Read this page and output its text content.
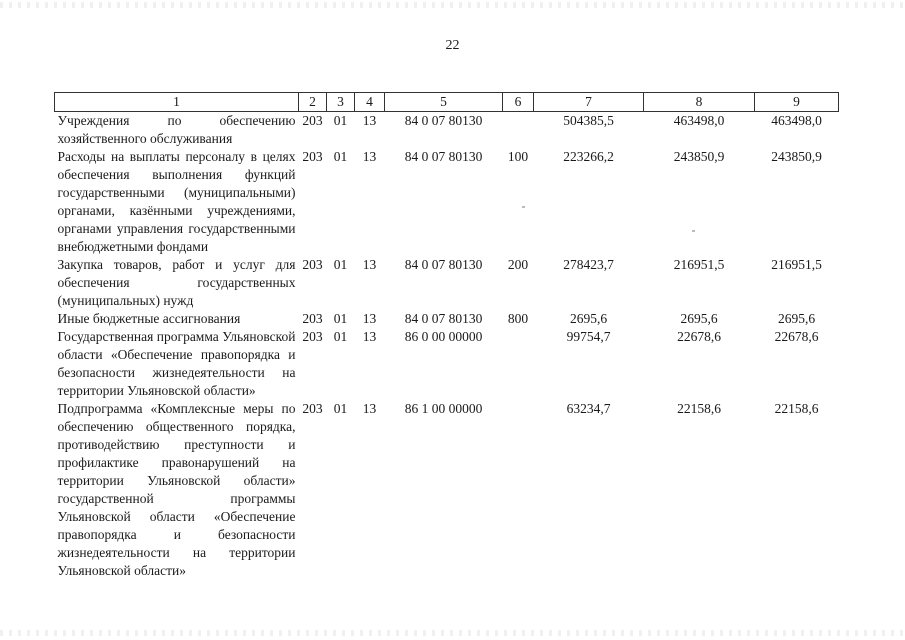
22
1	2	3	4	5	6	7	8	9
Учреждения по обеспечению хозяйственного обслуживания	203	01	13	84 0 07 80130		504385,5	463498,0	463498,0
Расходы на выплаты персоналу в целях обеспечения выполнения функций государственными (муниципальными) органами, казёнными учреждениями, органами управления государственными внебюджетными фондами	203	01	13	84 0 07 80130	100	223266,2	243850,9	243850,9
Закупка товаров, работ и услуг для обеспечения государственных (муниципальных) нужд	203	01	13	84 0 07 80130	200	278423,7	216951,5	216951,5
Иные бюджетные ассигнования	203	01	13	84 0 07 80130	800	2695,6	2695,6	2695,6
Государственная программа Ульяновской области «Обеспечение правопорядка и безопасности жизнедеятельности на территории Ульяновской области»	203	01	13	86 0 00 00000		99754,7	22678,6	22678,6
Подпрограмма «Комплексные меры по обеспечению общественного порядка, противодействию преступности и профилактике правонарушений на территории Ульяновской области» государственной программы Ульяновской области «Обеспечение правопорядка и безопасности жизнедеятельности на территории Ульяновской области»	203	01	13	86 1 00 00000		63234,7	22158,6	22158,6
